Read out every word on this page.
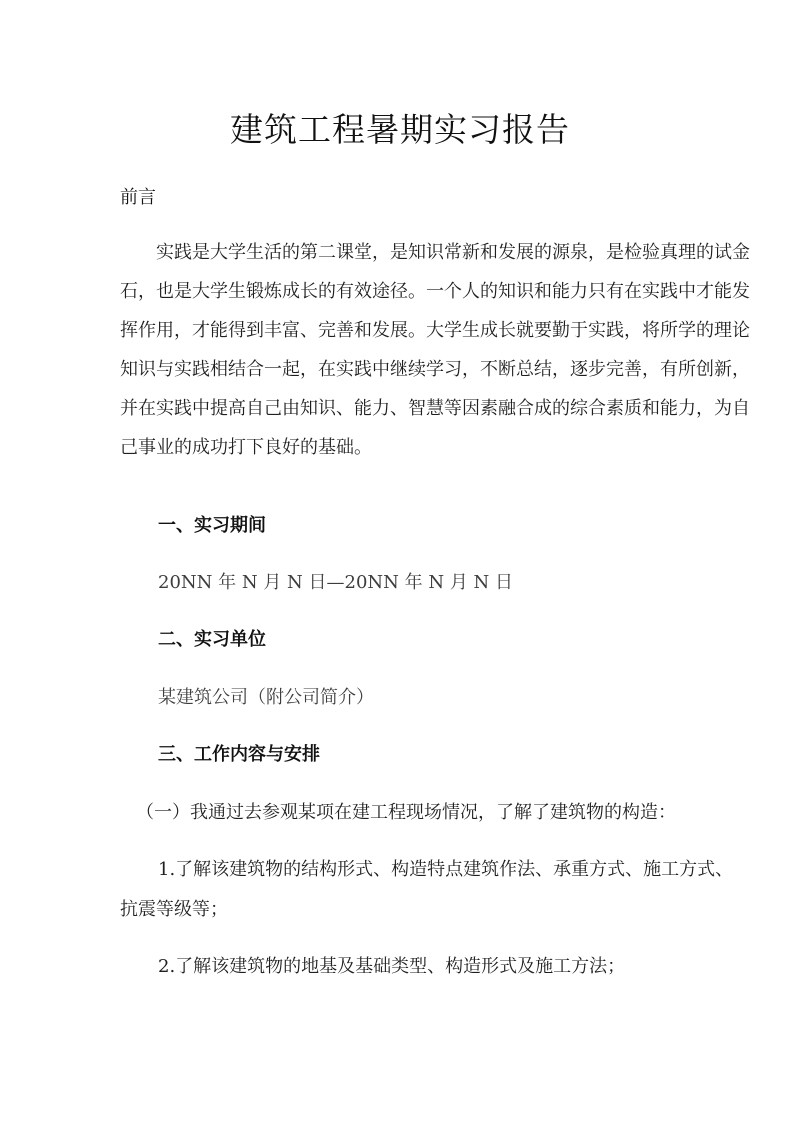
建筑工程暑期实习报告
前言
实践是大学生活的第二课堂，是知识常新和发展的源泉，是检验真理的试金
石，也是大学生锻炼成长的有效途径。一个人的知识和能力只有在实践中才能发
挥作用，才能得到丰富、完善和发展。大学生成长就要勤于实践，将所学的理论
知识与实践相结合一起，在实践中继续学习，不断总结，逐步完善，有所创新，
并在实践中提高自己由知识、能力、智慧等因素融合成的综合素质和能力，为自
己事业的成功打下良好的基础。
一、实习期间
20NN 年 N 月 N 日—20NN 年 N 月 N 日
二、实习单位
某建筑公司（附公司简介）
三、工作内容与安排
（一）我通过去参观某项在建工程现场情况，了解了建筑物的构造：
1.了解该建筑物的结构形式、构造特点建筑作法、承重方式、施工方式、
抗震等级等；
2.了解该建筑物的地基及基础类型、构造形式及施工方法；
